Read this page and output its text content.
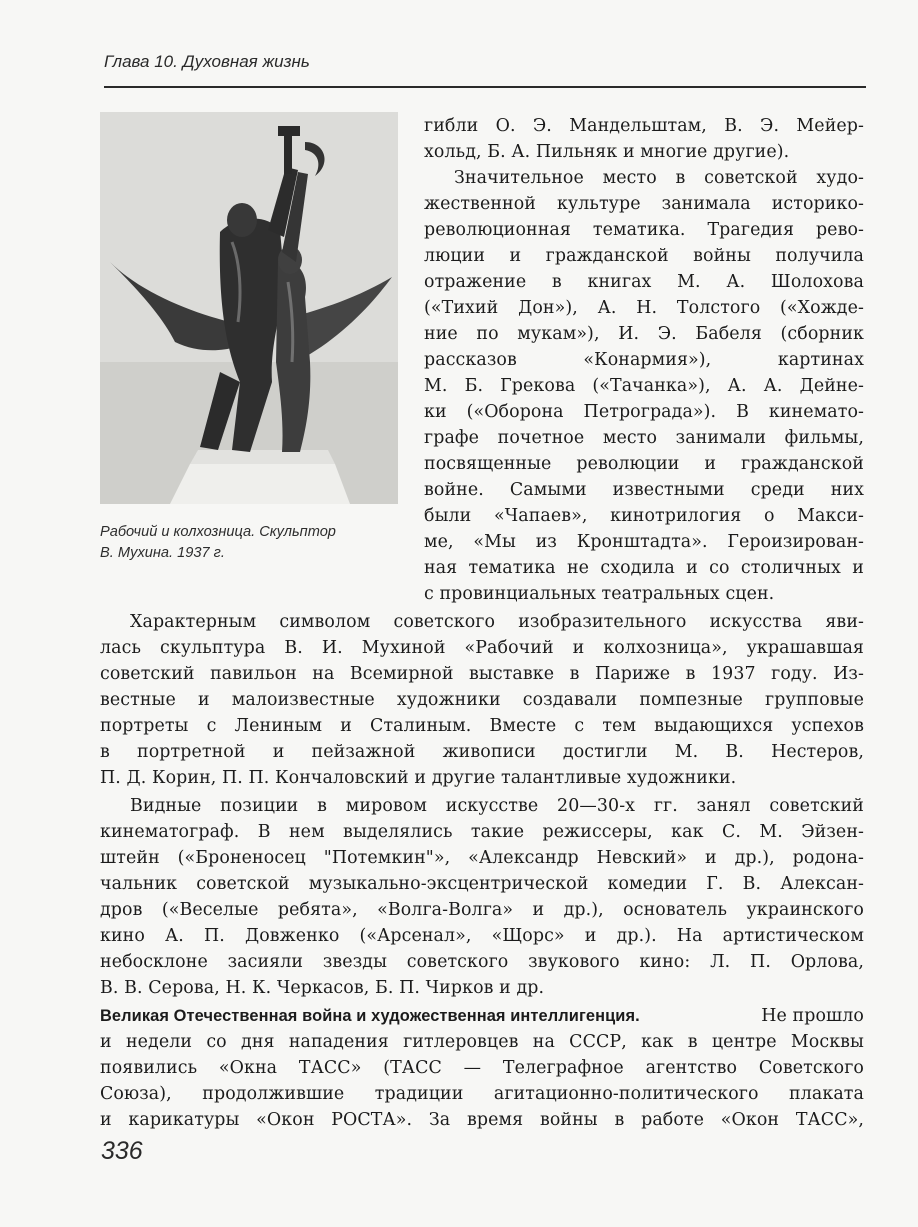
Глава 10. Духовная жизнь
Рабочий и колхозница. Скульптор
В. Мухина. 1937 г.
гибли О. Э. Мандельштам, В. Э. Мейер-
хольд, Б. А. Пильняк и многие другие).
Значительное место в советской худо-
жественной культуре занимала историко-
революционная тематика. Трагедия рево-
люции и гражданской войны получила
отражение в книгах М. А. Шолохова
(«Тихий Дон»), А. Н. Толстого («Хожде-
ние по мукам»), И. Э. Бабеля (сборник
рассказов «Конармия»), картинах
М. Б. Грекова («Тачанка»), А. А. Дейне-
ки («Оборона Петрограда»). В кинемато-
графе почетное место занимали фильмы,
посвященные революции и гражданской
войне. Самыми известными среди них
были «Чапаев», кинотрилогия о Макси-
ме, «Мы из Кронштадта». Героизирован-
ная тематика не сходила и со столичных и
с провинциальных театральных сцен.
Характерным символом советского изобразительного искусства яви-
лась скульптура В. И. Мухиной «Рабочий и колхозница», украшавшая
советский павильон на Всемирной выставке в Париже в 1937 году. Из-
вестные и малоизвестные художники создавали помпезные групповые
портреты с Лениным и Сталиным. Вместе с тем выдающихся успехов
в портретной и пейзажной живописи достигли М. В. Нестеров,
П. Д. Корин, П. П. Кончаловский и другие талантливые художники.
Видные позиции в мировом искусстве 20—30-х гг. занял советский
кинематограф. В нем выделялись такие режиссеры, как С. М. Эйзен-
штейн («Броненосец "Потемкин"», «Александр Невский» и др.), родона-
чальник советской музыкально-эксцентрической комедии Г. В. Алексан-
дров («Веселые ребята», «Волга-Волга» и др.), основатель украинского
кино А. П. Довженко («Арсенал», «Щорс» и др.). На артистическом
небосклоне засияли звезды советского звукового кино: Л. П. Орлова,
В. В. Серова, Н. К. Черкасов, Б. П. Чирков и др.
Великая Отечественная война и художественная интеллигенция.	Не прошло
и недели со дня нападения гитлеровцев на СССР, как в центре Москвы
появились «Окна ТАСС» (ТАСС — Телеграфное агентство Советского
Союза), продолжившие традиции агитационно-политического плаката
и карикатуры «Окон РОСТА». За время войны в работе «Окон ТАСС»,
336
